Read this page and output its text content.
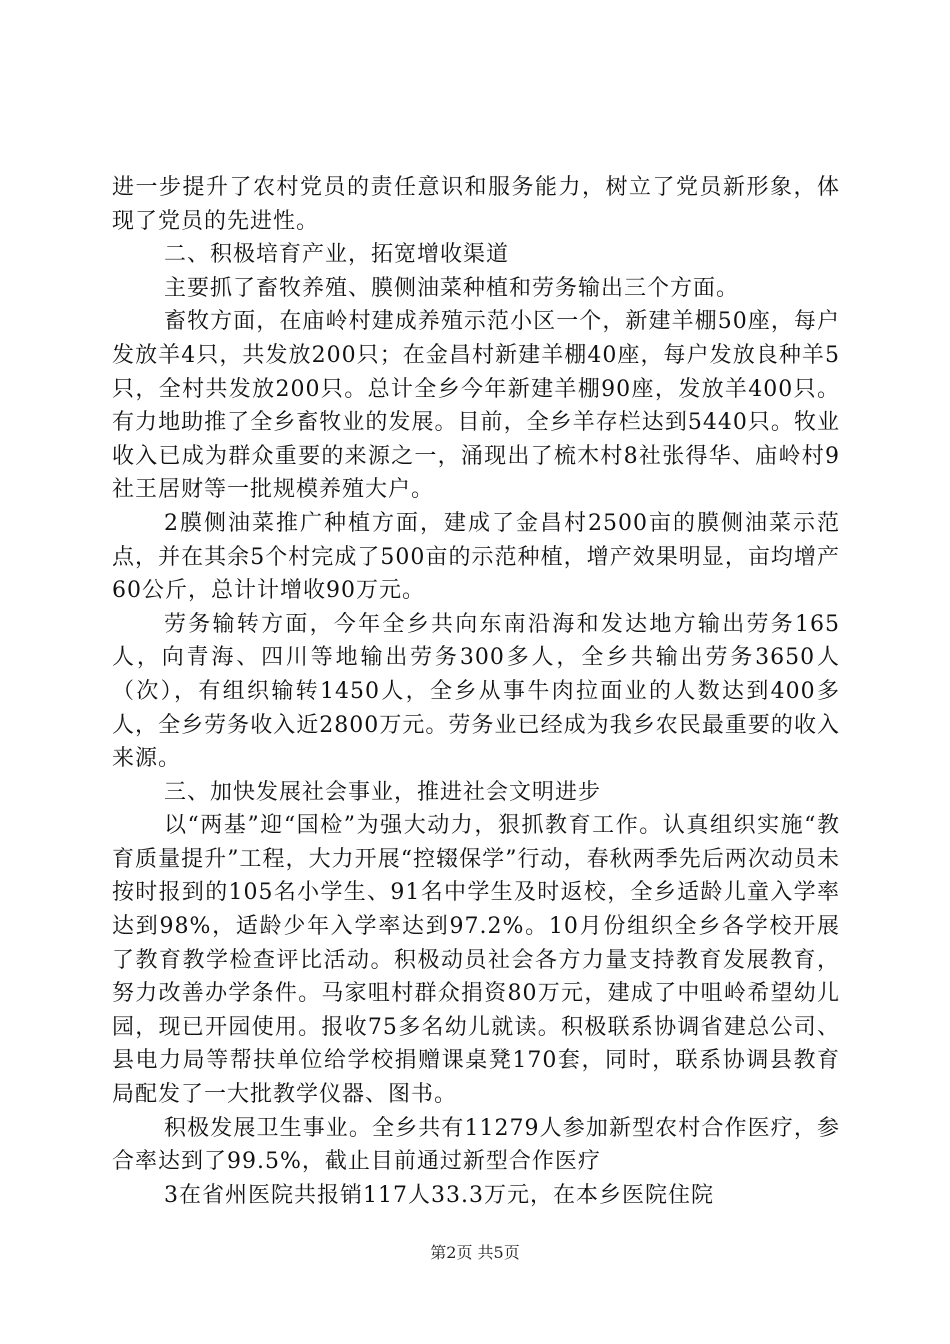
进一步提升了农村党员的责任意识和服务能力，树立了党员新形象，体现了党员的先进性。

二、积极培育产业，拓宽增收渠道

主要抓了畜牧养殖、膜侧油菜种植和劳务输出三个方面。

畜牧方面，在庙岭村建成养殖示范小区一个，新建羊棚50座，每户发放羊4只，共发放200只；在金昌村新建羊棚40座，每户发放良种羊5只，全村共发放200只。总计全乡今年新建羊棚90座，发放羊400只。有力地助推了全乡畜牧业的发展。目前，全乡羊存栏达到5440只。牧业收入已成为群众重要的来源之一，涌现出了梳木村8社张得华、庙岭村9社王居财等一批规模养殖大户。

2膜侧油菜推广种植方面，建成了金昌村2500亩的膜侧油菜示范点，并在其余5个村完成了500亩的示范种植，增产效果明显，亩均增产60公斤，总计计增收90万元。

劳务输转方面，今年全乡共向东南沿海和发达地方输出劳务165人，向青海、四川等地输出劳务300多人，全乡共输出劳务3650人（次），有组织输转1450人，全乡从事牛肉拉面业的人数达到400多人，全乡劳务收入近2800万元。劳务业已经成为我乡农民最重要的收入来源。

三、加快发展社会事业，推进社会文明进步

以“两基”迎“国检”为强大动力，狠抓教育工作。认真组织实施“教育质量提升”工程，大力开展“控辍保学”行动，春秋两季先后两次动员未按时报到的105名小学生、91名中学生及时返校，全乡适龄儿童入学率达到98%，适龄少年入学率达到97.2%。10月份组织全乡各学校开展了教育教学检查评比活动。积极动员社会各方力量支持教育发展教育，努力改善办学条件。马家咀村群众捐资80万元，建成了中咀岭希望幼儿园，现已开园使用。报收75多名幼儿就读。积极联系协调省建总公司、县电力局等帮扶单位给学校捐赠课桌凳170套，同时，联系协调县教育局配发了一大批教学仪器、图书。

积极发展卫生事业。全乡共有11279人参加新型农村合作医疗，参合率达到了99.5%，截止目前通过新型合作医疗

3在省州医院共报销117人33.3万元，在本乡医院住院

第2页 共5页
